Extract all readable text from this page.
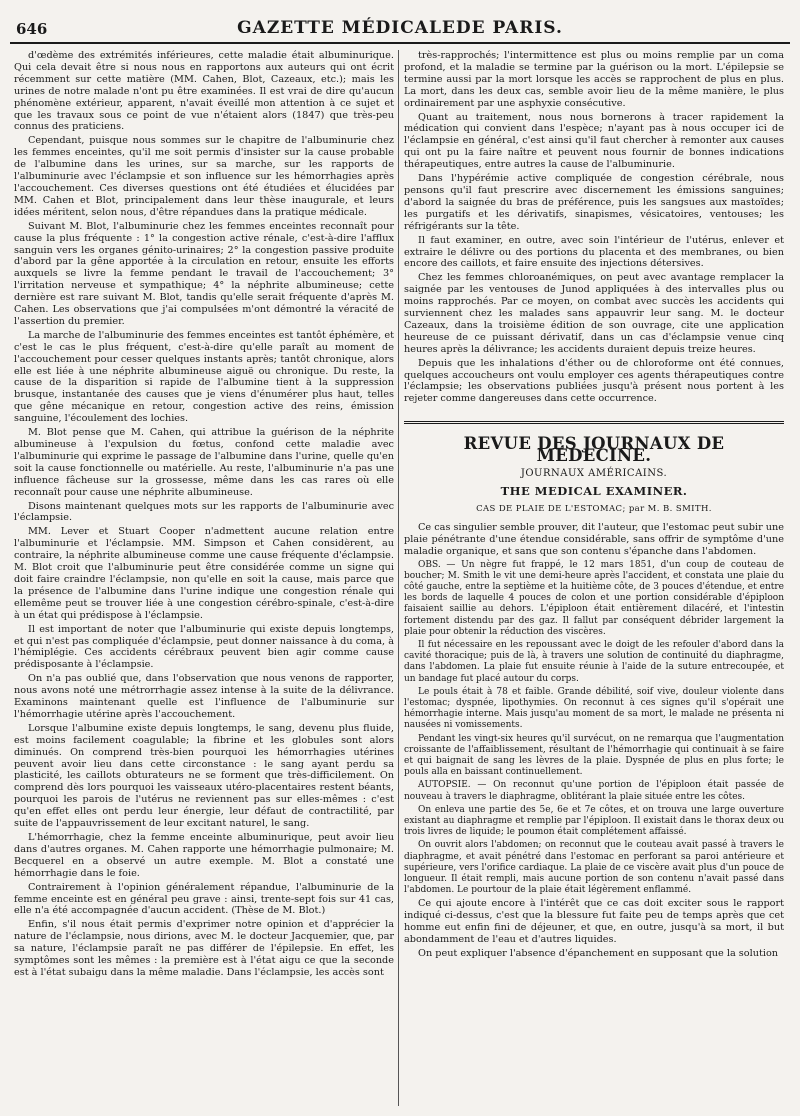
646	GAZETTE MÉDICALEDE PARIS.

d'œdème des extrémités inférieures, cette maladie était albuminurique. Qui cela devait être si nous nous en rapportons aux auteurs qui ont écrit récemment sur cette matière (MM. Cahen, Blot, Cazeaux, etc.); mais les urines de notre malade n'ont pu être examinées. Il est vrai de dire qu'aucun phénomène extérieur, apparent, n'avait éveillé mon attention à ce sujet et que les travaux sous ce point de vue n'étaient alors (1847) que très-peu connus des praticiens.

Cependant, puisque nous sommes sur le chapitre de l'albuminurie chez les femmes enceintes, qu'il me soit permis d'insister sur la cause probable de l'albumine dans les urines, sur sa marche, sur les rapports de l'albuminurie avec l'éclampsie et son influence sur les hémorrhagies après l'accouchement. Ces diverses questions ont été étudiées et élucidées par MM. Cahen et Blot, principalement dans leur thèse inaugurale, et leurs idées méritent, selon nous, d'être répandues dans la pratique médicale.

Suivant M. Blot, l'albuminurie chez les femmes enceintes reconnaît pour cause la plus fréquente : 1° la congestion active rénale, c'est-à-dire l'afflux sanguin vers les organes génito-urinaires; 2° la congestion passive produite d'abord par la gêne apportée à la circulation en retour, ensuite les efforts auxquels se livre la femme pendant le travail de l'accouchement; 3° l'irritation nerveuse et sympathique; 4° la néphrite albumineuse; cette dernière est rare suivant M. Blot, tandis qu'elle serait fréquente d'après M. Cahen. Les observations que j'ai compulsées m'ont démontré la véracité de l'assertion du premier.

La marche de l'albuminurie des femmes enceintes est tantôt éphémère, et c'est le cas le plus fréquent, c'est-à-dire qu'elle paraît au moment de l'accouchement pour cesser quelques instants après; tantôt chronique, alors elle est liée à une néphrite albumineuse aiguë ou chronique. Du reste, la cause de la disparition si rapide de l'albumine tient à la suppression brusque, instantanée des causes que je viens d'énumérer plus haut, telles que gêne mécanique en retour, congestion active des reins, émission sanguine, l'écoulement des lochies.

M. Blot pense que M. Cahen, qui attribue la guérison de la néphrite albumineuse à l'expulsion du fœtus, confond cette maladie avec l'albuminurie qui exprime le passage de l'albumine dans l'urine, quelle qu'en soit la cause fonctionnelle ou matérielle. Au reste, l'albuminurie n'a pas une influence fâcheuse sur la grossesse, même dans les cas rares où elle reconnaît pour cause une néphrite albumineuse.

Disons maintenant quelques mots sur les rapports de l'albuminurie avec l'éclampsie.

MM. Lever et Stuart Cooper n'admettent aucune relation entre l'albuminurie et l'éclampsie. MM. Simpson et Cahen considèrent, au contraire, la néphrite albumineuse comme une cause fréquente d'éclampsie. M. Blot croit que l'albuminurie peut être considérée comme un signe qui doit faire craindre l'éclampsie, non qu'elle en soit la cause, mais parce que la présence de l'albumine dans l'urine indique une congestion rénale qui ellemême peut se trouver liée à une congestion cérébro-spinale, c'est-à-dire à un état qui prédispose à l'éclampsie.

Il est important de noter que l'albuminurie qui existe depuis longtemps, et qui n'est pas compliquée d'éclampsie, peut donner naissance à du coma, à l'hémiplégie. Ces accidents cérébraux peuvent bien agir comme cause prédisposante à l'éclampsie.

On n'a pas oublié que, dans l'observation que nous venons de rapporter, nous avons noté une métrorrhagie assez intense à la suite de la délivrance. Examinons maintenant quelle est l'influence de l'albuminurie sur l'hémorrhagie utérine après l'accouchement.

Lorsque l'albumine existe depuis longtemps, le sang, devenu plus fluide, est moins facilement coagulable; la fibrine et les globules sont alors diminués. On comprend très-bien pourquoi les hémorrhagies utérines peuvent avoir lieu dans cette circonstance : le sang ayant perdu sa plasticité, les caillots obturateurs ne se forment que très-difficilement. On comprend dès lors pourquoi les vaisseaux utéro-placentaires restent béants, pourquoi les parois de l'utérus ne reviennent pas sur elles-mêmes : c'est qu'en effet elles ont perdu leur énergie, leur défaut de contractilité, par suite de l'appauvrissement de leur excitant naturel, le sang.

L'hémorrhagie, chez la femme enceinte albuminurique, peut avoir lieu dans d'autres organes. M. Cahen rapporte une hémorrhagie pulmonaire; M. Becquerel en a observé un autre exemple. M. Blot a constaté une hémorrhagie dans le foie.

Contrairement à l'opinion généralement répandue, l'albuminurie de la femme enceinte est en général peu grave : ainsi, trente-sept fois sur 41 cas, elle n'a été accompagnée d'aucun accident. (Thèse de M. Blot.)

Enfin, s'il nous était permis d'exprimer notre opinion et d'apprécier la nature de l'éclampsie, nous dirions, avec M. le docteur Jacquemier, que, par sa nature, l'éclampsie paraît ne pas différer de l'épilepsie. En effet, les symptômes sont les mêmes : la première est à l'état aigu ce que la seconde est à l'état subaigu dans la même maladie. Dans l'éclampsie, les accès sont

très-rapprochés; l'intermittence est plus ou moins remplie par un coma profond, et la maladie se termine par la guérison ou la mort. L'épilepsie se termine aussi par la mort lorsque les accès se rapprochent de plus en plus. La mort, dans les deux cas, semble avoir lieu de la même manière, le plus ordinairement par une asphyxie consécutive.

Quant au traitement, nous nous bornerons à tracer rapidement la médication qui convient dans l'espèce; n'ayant pas à nous occuper ici de l'éclampsie en général, c'est ainsi qu'il faut chercher à remonter aux causes qui ont pu la faire naître et peuvent nous fournir de bonnes indications thérapeutiques, entre autres la cause de l'albuminurie.

Dans l'hypérémie active compliquée de congestion cérébrale, nous pensons qu'il faut prescrire avec discernement les émissions sanguines; d'abord la saignée du bras de préférence, puis les sangsues aux mastoïdes; les purgatifs et les dérivatifs, sinapismes, vésicatoires, ventouses; les réfrigérants sur la tête.

Il faut examiner, en outre, avec soin l'intérieur de l'utérus, enlever et extraire le délivre ou des portions du placenta et des membranes, ou bien encore des caillots, et faire ensuite des injections détersives.

Chez les femmes chloroanémiques, on peut avec avantage remplacer la saignée par les ventouses de Junod appliquées à des intervalles plus ou moins rapprochés. Par ce moyen, on combat avec succès les accidents qui surviennent chez les malades sans appauvrir leur sang. M. le docteur Cazeaux, dans la troisième édition de son ouvrage, cite une application heureuse de ce puissant dérivatif, dans un cas d'éclampsie venue cinq heures après la délivrance; les accidents duraient depuis treize heures.

Depuis que les inhalations d'éther ou de chloroforme ont été connues, quelques accoucheurs ont voulu employer ces agents thérapeutiques contre l'éclampsie; les observations publiées jusqu'à présent nous portent à les rejeter comme dangereuses dans cette occurrence.

REVUE DES JOURNAUX DE MÉDECINE.
JOURNAUX AMÉRICAINS.
THE MEDICAL EXAMINER.
CAS DE PLAIE DE L'ESTOMAC; par M. B. SMITH.

Ce cas singulier semble prouver, dit l'auteur, que l'estomac peut subir une plaie pénétrante d'une étendue considérable, sans offrir de symptôme d'une maladie organique, et sans que son contenu s'épanche dans l'abdomen.

OBS. — Un nègre fut frappé, le 12 mars 1851, d'un coup de couteau de boucher; M. Smith le vit une demi-heure après l'accident, et constata une plaie du côté gauche, entre la septième et la huitième côte, de 3 pouces d'étendue, et entre les bords de laquelle 4 pouces de colon et une portion considérable d'épiploon faisaient saillie au dehors. L'épiploon était entièrement dilacéré, et l'intestin fortement distendu par des gaz. Il fallut par conséquent débrider largement la plaie pour obtenir la réduction des viscères.

Il fut nécessaire en les repoussant avec le doigt de les refouler d'abord dans la cavité thoracique; puis de là, à travers une solution de continuité du diaphragme, dans l'abdomen. La plaie fut ensuite réunie à l'aide de la suture entrecoupée, et un bandage fut placé autour du corps.

Le pouls était à 78 et faible. Grande débilité, soif vive, douleur violente dans l'estomac; dyspnée, lipothymies. On reconnut à ces signes qu'il s'opérait une hémorrhagie interne. Mais jusqu'au moment de sa mort, le malade ne présenta ni nausées ni vomissements.

Pendant les vingt-six heures qu'il survécut, on ne remarqua que l'augmentation croissante de l'affaiblissement, résultant de l'hémorrhagie qui continuait à se faire et qui baignait de sang les lèvres de la plaie. Dyspnée de plus en plus forte; le pouls alla en baissant continuellement.

AUTOPSIE. — On reconnut qu'une portion de l'épiploon était passée de nouveau à travers le diaphragme, oblitérant la plaie située entre les côtes.

On enleva une partie des 5e, 6e et 7e côtes, et on trouva une large ouverture existant au diaphragme et remplie par l'épiploon. Il existait dans le thorax deux ou trois livres de liquide; le poumon était complétement affaissé.

On ouvrit alors l'abdomen; on reconnut que le couteau avait passé à travers le diaphragme, et avait pénétré dans l'estomac en perforant sa paroi antérieure et supérieure, vers l'orifice cardiaque. La plaie de ce viscère avait plus d'un pouce de longueur. Il était rempli, mais aucune portion de son contenu n'avait passé dans l'abdomen. Le pourtour de la plaie était légèrement enflammé.

Ce qui ajoute encore à l'intérêt que ce cas doit exciter sous le rapport indiqué ci-dessus, c'est que la blessure fut faite peu de temps après que cet homme eut enfin fini de déjeuner, et que, en outre, jusqu'à sa mort, il but abondamment de l'eau et d'autres liquides.

On peut expliquer l'absence d'épanchement en supposant que la solution
